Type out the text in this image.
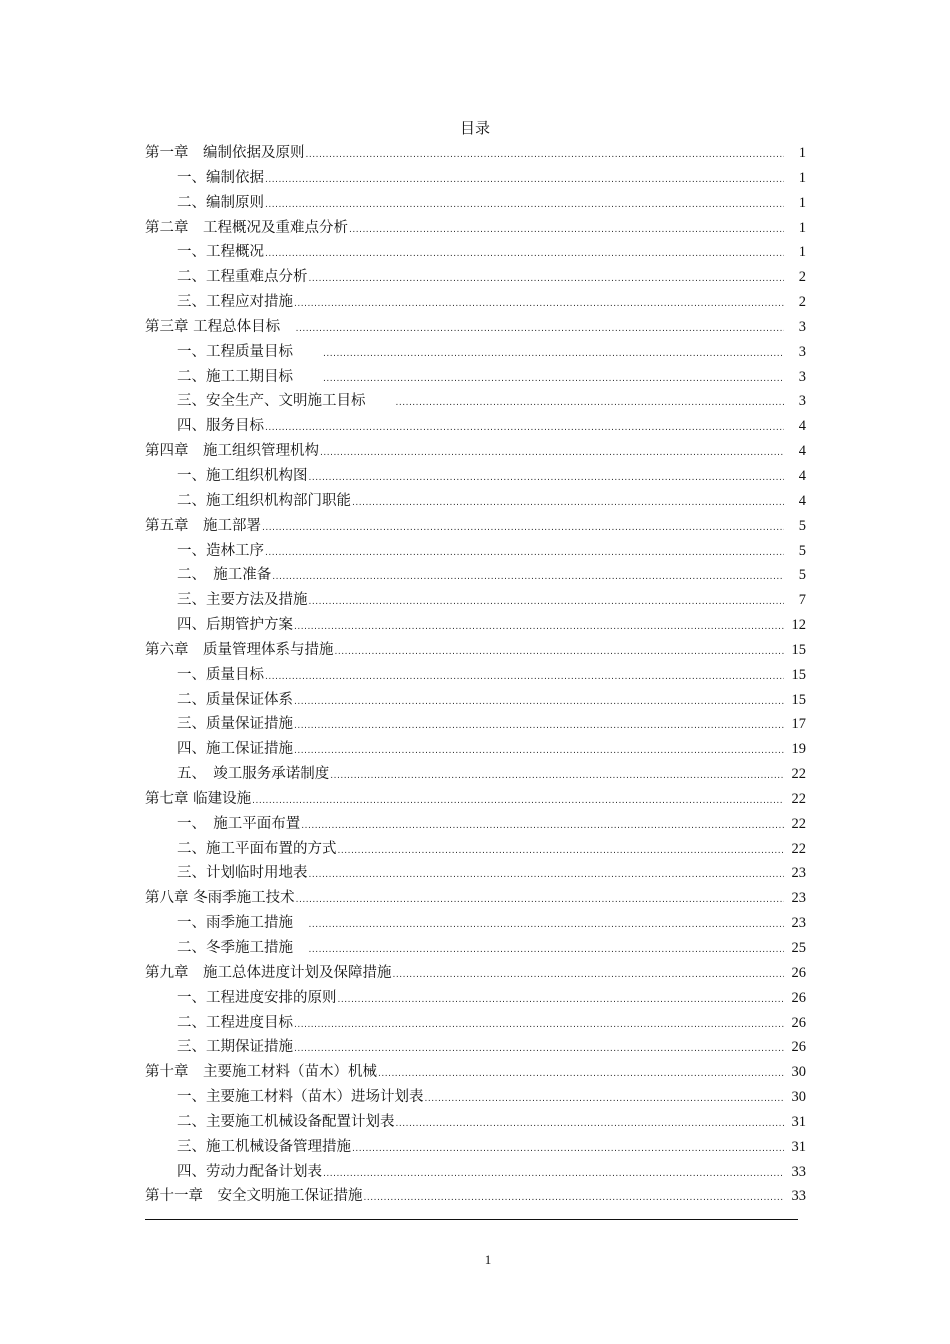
目录
第一章　编制依据及原则 .....	1
一、编制依据 .....	1
二、编制原则 .....	1
第二章　工程概况及重难点分析 .....	1
一、工程概况 .....	1
二、工程重难点分析 .....	2
三、工程应对措施 .....	2
第三章 工程总体目标　 .....	3
一、工程质量目标　　 .....	3
二、施工工期目标　　 .....	3
三、安全生产、文明施工目标　　 .....	3
四、服务目标 .....	4
第四章　施工组织管理机构 .....	4
一、施工组织机构图 .....	4
二、施工组织机构部门职能 .....	4
第五章　施工部署 .....	5
一、造林工序 .....	5
二、　施工准备 .....	5
三、主要方法及措施 .....	7
四、后期管护方案 .....	12
第六章　质量管理体系与措施 .....	15
一、质量目标 .....	15
二、质量保证体系 .....	15
三、质量保证措施 .....	17
四、施工保证措施 .....	19
五、　竣工服务承诺制度 .....	22
第七章 临建设施 .....	22
一、　施工平面布置 .....	22
二、施工平面布置的方式 .....	22
三、计划临时用地表 .....	23
第八章 冬雨季施工技术 .....	23
一、雨季施工措施　 .....	23
二、冬季施工措施　 .....	25
第九章　施工总体进度计划及保障措施 .....	26
一、工程进度安排的原则 .....	26
二、工程进度目标 .....	26
三、工期保证措施 .....	26
第十章　主要施工材料（苗木）机械 .....	30
一、主要施工材料（苗木）进场计划表 .....	30
二、主要施工机械设备配置计划表 .....	31
三、施工机械设备管理措施 .....	31
四、劳动力配备计划表 .....	33
第十一章　安全文明施工保证措施 .....	33
1
